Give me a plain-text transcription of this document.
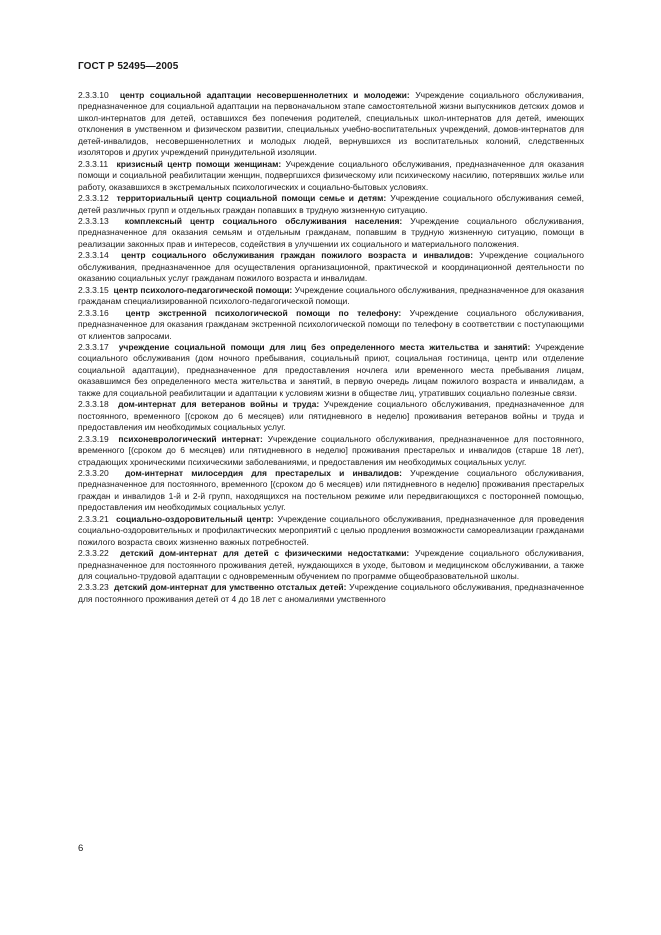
ГОСТ Р 52495—2005

2.3.3.10 центр социальной адаптации несовершеннолетних и молодежи: Учреждение социального обслуживания, предназначенное для социальной адаптации на первоначальном этапе самостоятельной жизни выпускников детских домов и школ-интернатов для детей, оставшихся без попечения родителей, специальных школ-интернатов для детей, имеющих отклонения в умственном и физическом развитии, специальных учебно-воспитательных учреждений, домов-интернатов для детей-инвалидов, несовершеннолетних и молодых людей, вернувшихся из воспитательных колоний, следственных изоляторов и других учреждений принудительной изоляции.

2.3.3.11 кризисный центр помощи женщинам: Учреждение социального обслуживания, предназначенное для оказания помощи и социальной реабилитации женщин, подвергшихся физическому или психическому насилию, потерявших жилье или работу, оказавшихся в экстремальных психологических и социально-бытовых условиях.

2.3.3.12 территориальный центр социальной помощи семье и детям: Учреждение социального обслуживания семей, детей различных групп и отдельных граждан попавших в трудную жизненную ситуацию.

2.3.3.13 комплексный центр социального обслуживания населения: Учреждение социального обслуживания, предназначенное для оказания семьям и отдельным гражданам, попавшим в трудную жизненную ситуацию, помощи в реализации законных прав и интересов, содействия в улучшении их социального и материального положения.

2.3.3.14 центр социального обслуживания граждан пожилого возраста и инвалидов: Учреждение социального обслуживания, предназначенное для осуществления организационной, практической и координационной деятельности по оказанию социальных услуг гражданам пожилого возраста и инвалидам.

2.3.3.15 центр психолого-педагогической помощи: Учреждение социального обслуживания, предназначенное для оказания гражданам специализированной психолого-педагогической помощи.

2.3.3.16 центр экстренной психологической помощи по телефону: Учреждение социального обслуживания, предназначенное для оказания гражданам экстренной психологической помощи по телефону в соответствии с поступающими от клиентов запросами.

2.3.3.17 учреждение социальной помощи для лиц без определенного места жительства и занятий: Учреждение социального обслуживания (дом ночного пребывания, социальный приют, социальная гостиница, центр или отделение социальной адаптации), предназначенное для предоставления ночлега или временного места пребывания лицам, оказавшимся без определенного места жительства и занятий, в первую очередь лицам пожилого возраста и инвалидам, а также для социальной реабилитации и адаптации к условиям жизни в обществе лиц, утративших социально полезные связи.

2.3.3.18 дом-интернат для ветеранов войны и труда: Учреждение социального обслуживания, предназначенное для постоянного, временного [(сроком до 6 месяцев) или пятидневного в неделю] проживания ветеранов войны и труда и предоставления им необходимых социальных услуг.

2.3.3.19 психоневрологический интернат: Учреждение социального обслуживания, предназначенное для постоянного, временного [(сроком до 6 месяцев) или пятидневного в неделю] проживания престарелых и инвалидов (старше 18 лет), страдающих хроническими психическими заболеваниями, и предоставления им необходимых социальных услуг.

2.3.3.20 дом-интернат милосердия для престарелых и инвалидов: Учреждение социального обслуживания, предназначенное для постоянного, временного [(сроком до 6 месяцев) или пятидневного в неделю] проживания престарелых граждан и инвалидов 1-й и 2-й групп, находящихся на постельном режиме или передвигающихся с посторонней помощью, предоставления им необходимых социальных услуг.

2.3.3.21 социально-оздоровительный центр: Учреждение социального обслуживания, предназначенное для проведения социально-оздоровительных и профилактических мероприятий с целью продления возможности самореализации гражданами пожилого возраста своих жизненно важных потребностей.

2.3.3.22 детский дом-интернат для детей с физическими недостатками: Учреждение социального обслуживания, предназначенное для постоянного проживания детей, нуждающихся в уходе, бытовом и медицинском обслуживании, а также для социально-трудовой адаптации с одновременным обучением по программе общеобразовательной школы.

2.3.3.23 детский дом-интернат для умственно отсталых детей: Учреждение социального обслуживания, предназначенное для постоянного проживания детей от 4 до 18 лет с аномалиями умственного

6
